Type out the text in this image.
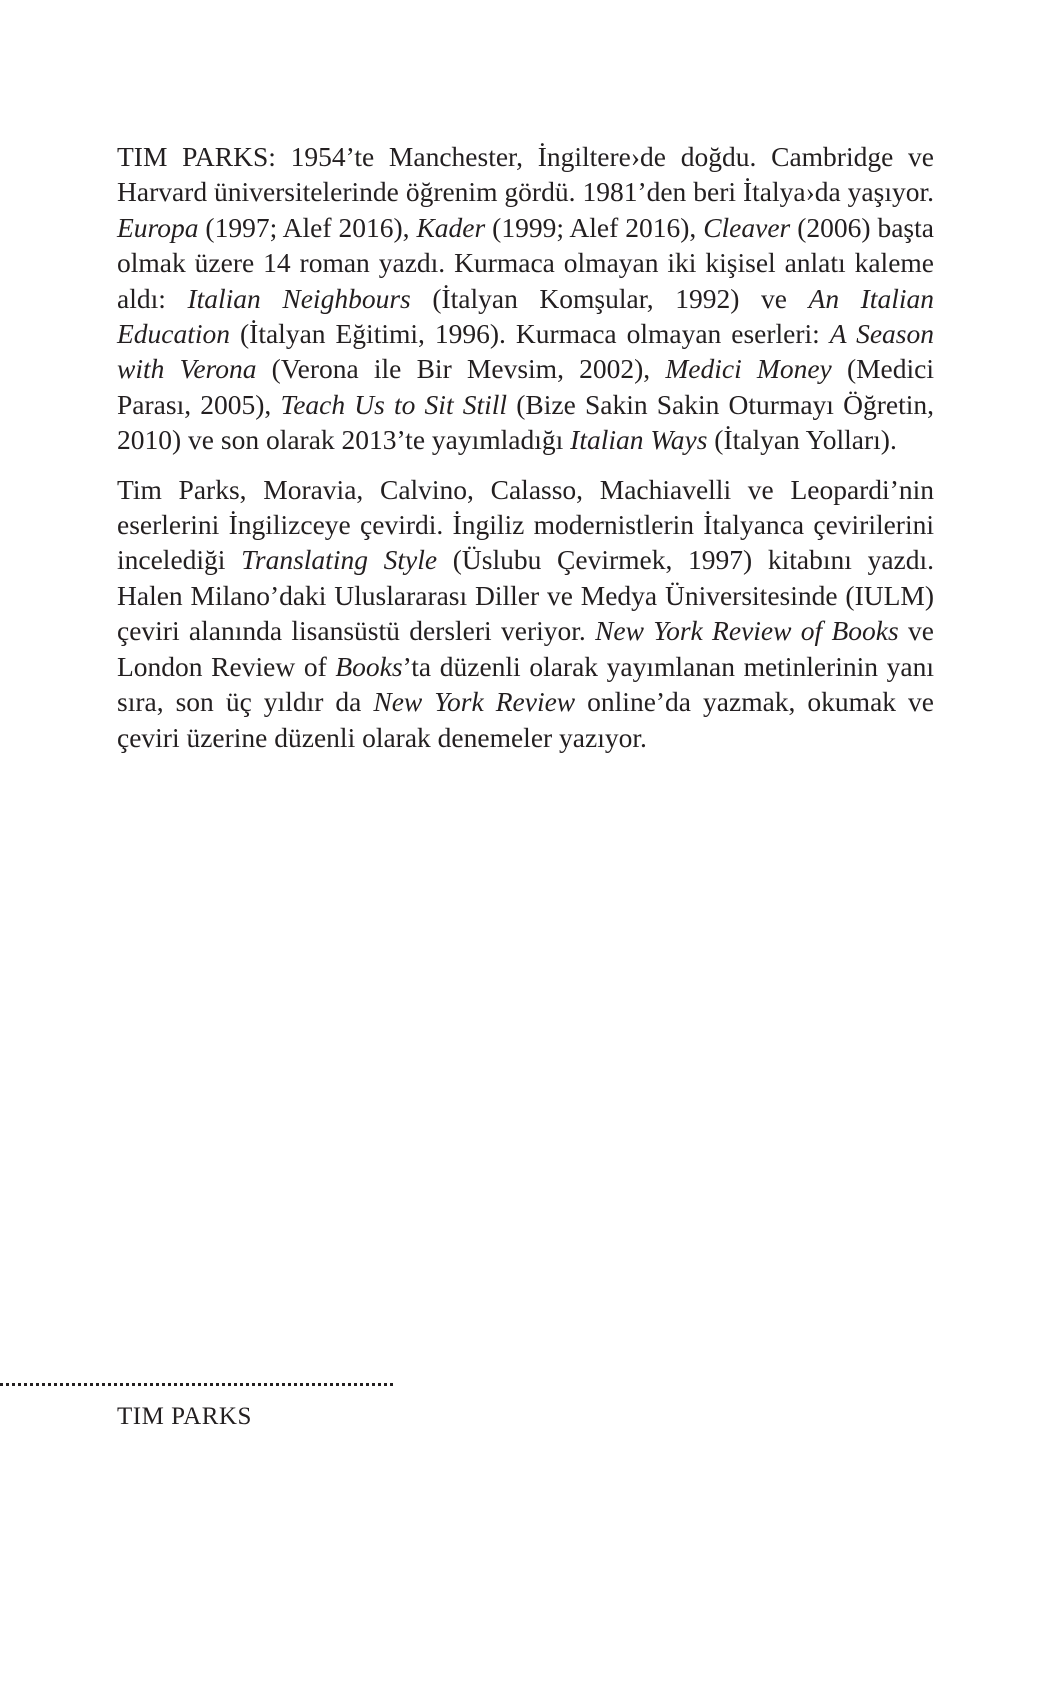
TIM PARKS: 1954’te Manchester, İngiltere›de doğdu. Cambridge ve Harvard üniversitelerinde öğrenim gördü. 1981’den beri İtalya›da yaşıyor. Europa (1997; Alef 2016), Kader (1999; Alef 2016), Cleaver (2006) başta olmak üzere 14 roman yazdı. Kurmaca olmayan iki kişisel anlatı kaleme aldı: Italian Neighbours (İtalyan Komşular, 1992) ve An Italian Education (İtalyan Eğitimi, 1996). Kurmaca olmayan eserleri: A Season with Verona (Verona ile Bir Mevsim, 2002), Medici Money (Medici Parası, 2005), Teach Us to Sit Still (Bize Sakin Sakin Oturmayı Öğretin, 2010) ve son olarak 2013’te yayımladığı Italian Ways (İtalyan Yolları).

Tim Parks, Moravia, Calvino, Calasso, Machiavelli ve Leopardi’nin eserlerini İngilizceye çevirdi. İngiliz modernistlerin İtalyanca çevirilerini incelediği Translating Style (Üslubu Çevirmek, 1997) kitabını yazdı. Halen Milano’daki Uluslararası Diller ve Medya Üniversitesinde (IULM) çeviri alanında lisansüstü dersleri veriyor. New York Review of Books ve London Review of Books’ta düzenli olarak yayımlanan metinlerinin yanı sıra, son üç yıldır da New York Review online’da yazmak, okumak ve çeviri üzerine düzenli olarak denemeler yazıyor.

TIM PARKS
